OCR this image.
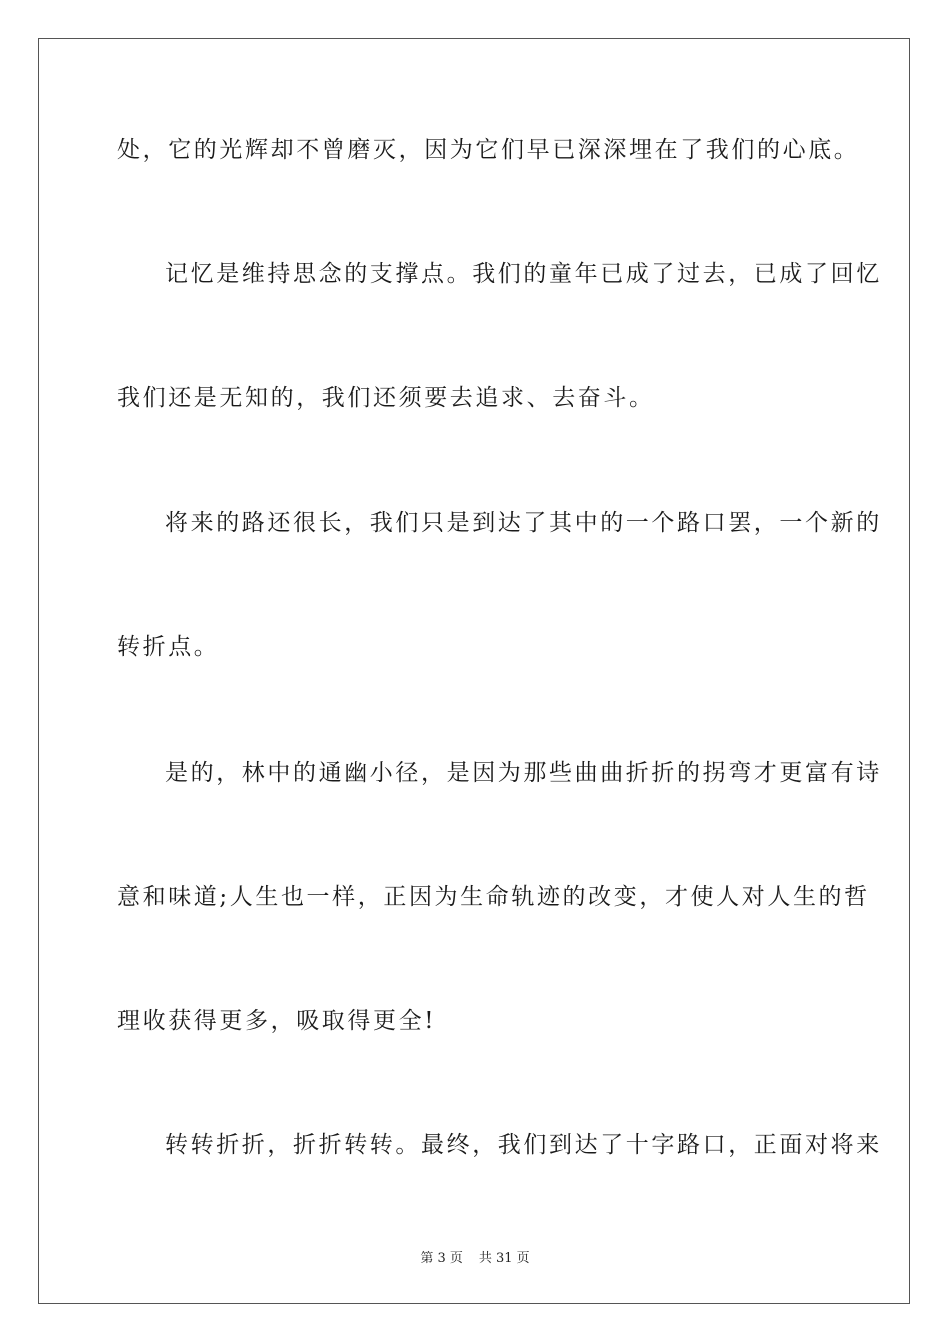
处，它的光辉却不曾磨灭，因为它们早已深深埋在了我们的心底。
记忆是维持思念的支撑点。我们的童年已成了过去，已成了回忆
我们还是无知的，我们还须要去追求、去奋斗。
将来的路还很长，我们只是到达了其中的一个路口罢，一个新的
转折点。
是的，林中的通幽小径，是因为那些曲曲折折的拐弯才更富有诗
意和味道;人生也一样，正因为生命轨迹的改变，才使人对人生的哲
理收获得更多，吸取得更全!
转转折折，折折转转。最终，我们到达了十字路口，正面对将来
第 3 页 共 31 页
